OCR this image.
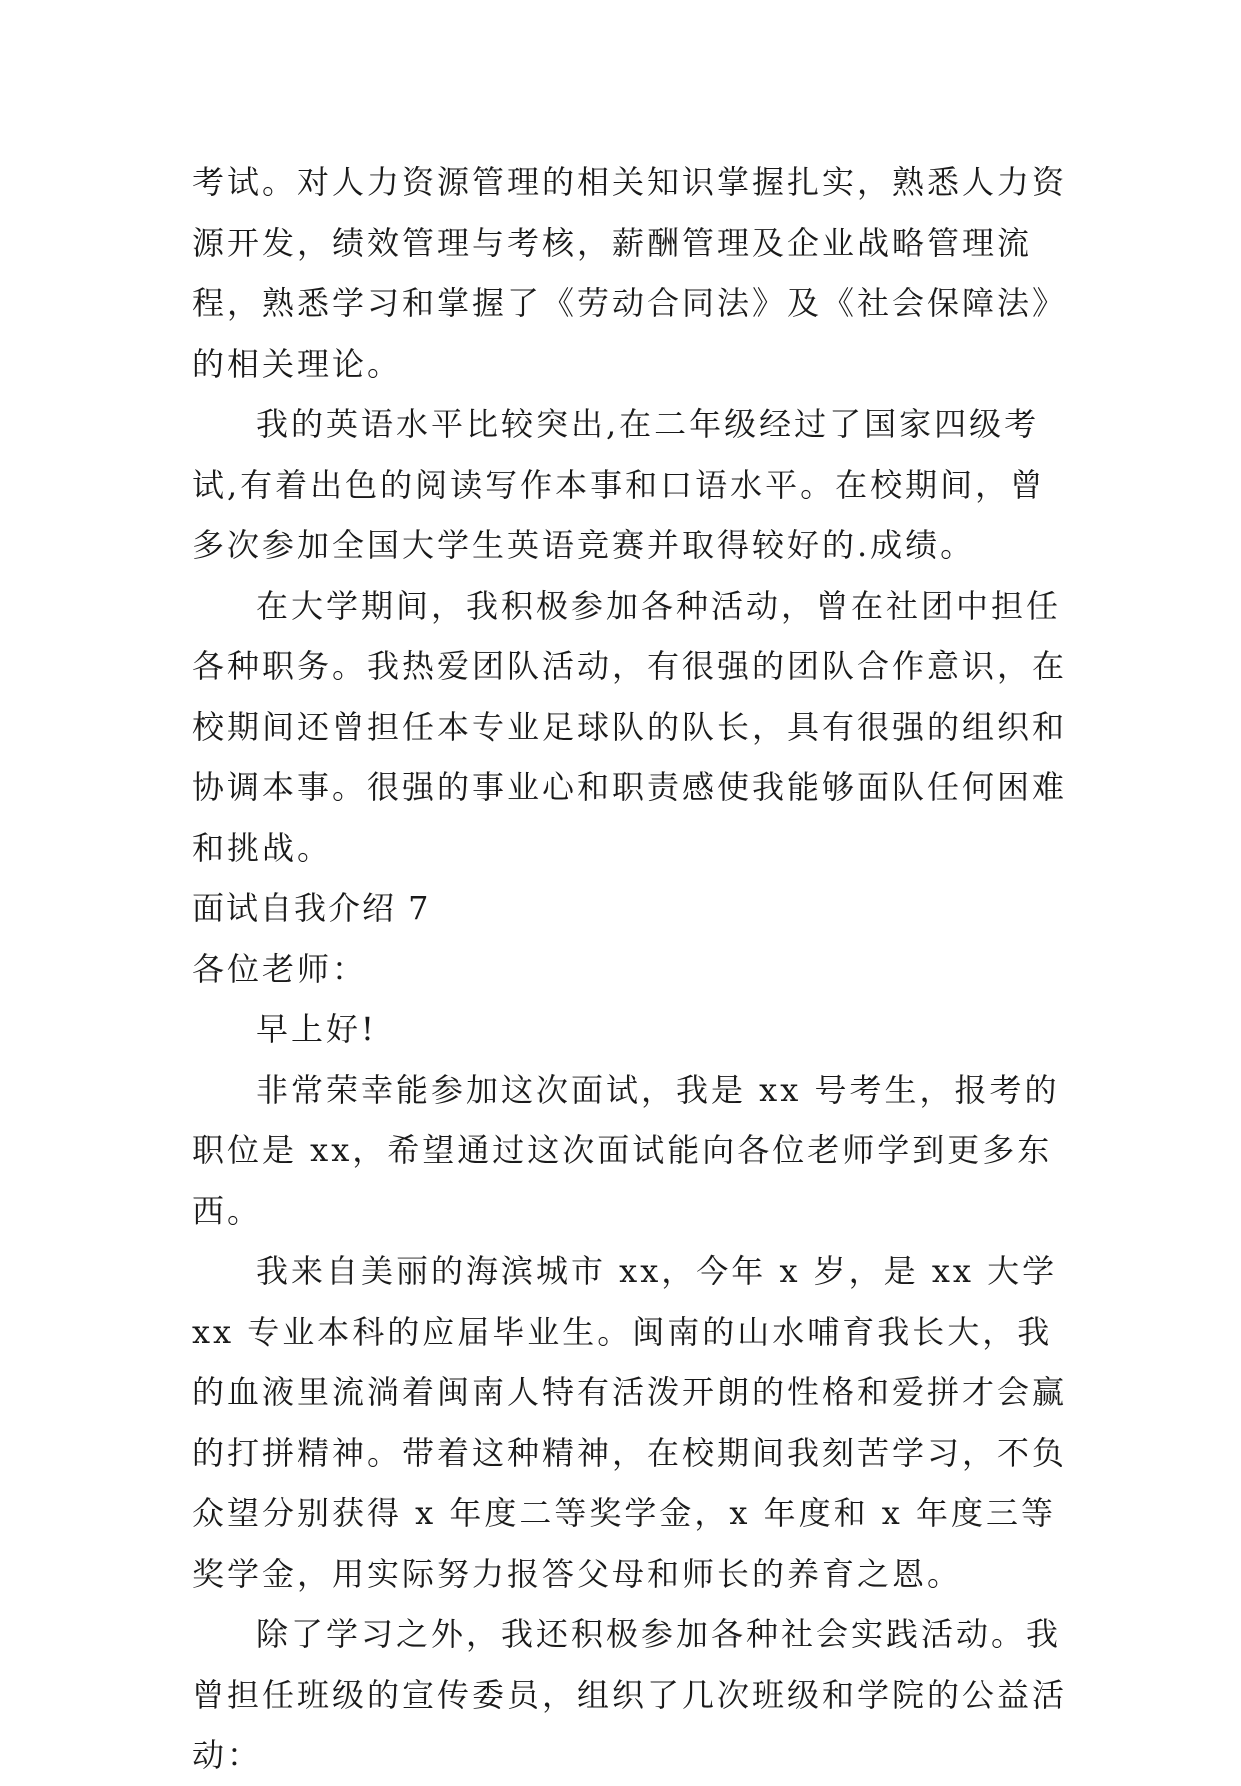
考试。对人力资源管理的相关知识掌握扎实，熟悉人力资源开发，绩效管理与考核，薪酬管理及企业战略管理流程，熟悉学习和掌握了《劳动合同法》及《社会保障法》的相关理论。

我的英语水平比较突出,在二年级经过了国家四级考试,有着出色的阅读写作本事和口语水平。在校期间，曾多次参加全国大学生英语竞赛并取得较好的.成绩。

在大学期间，我积极参加各种活动，曾在社团中担任各种职务。我热爱团队活动，有很强的团队合作意识，在校期间还曾担任本专业足球队的队长，具有很强的组织和协调本事。很强的事业心和职责感使我能够面队任何困难和挑战。

面试自我介绍 7

各位老师：

早上好!

非常荣幸能参加这次面试，我是 xx 号考生，报考的职位是 xx，希望通过这次面试能向各位老师学到更多东西。

我来自美丽的海滨城市 xx，今年 x 岁，是 xx 大学 xx 专业本科的应届毕业生。闽南的山水哺育我长大，我的血液里流淌着闽南人特有活泼开朗的性格和爱拼才会赢的打拼精神。带着这种精神，在校期间我刻苦学习，不负众望分别获得 x 年度二等奖学金，x 年度和 x 年度三等奖学金，用实际努力报答父母和师长的养育之恩。

除了学习之外，我还积极参加各种社会实践活动。我曾担任班级的宣传委员，组织了几次班级和学院的公益活动：
